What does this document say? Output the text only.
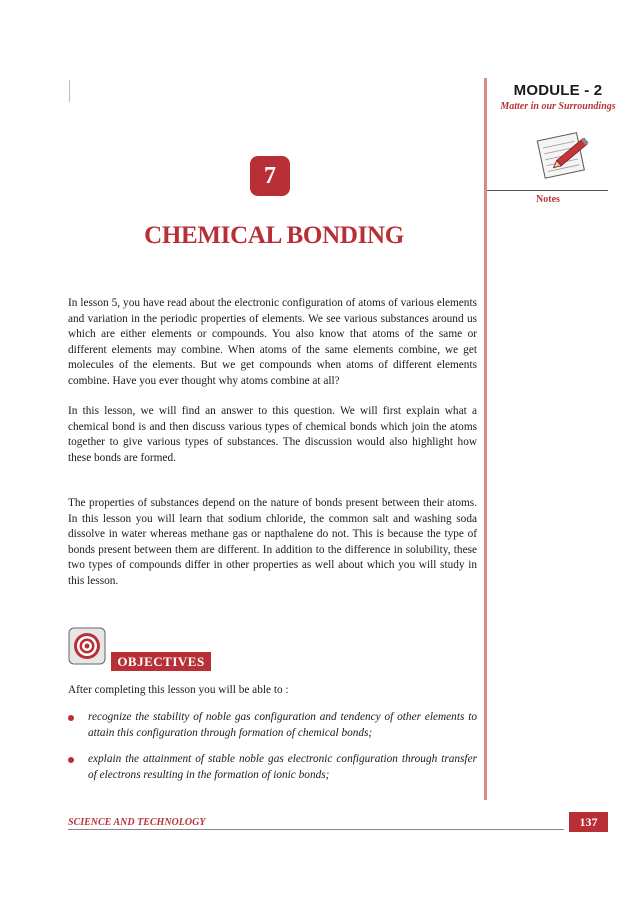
MODULE - 2
Matter in our Surroundings
Notes
7
CHEMICAL BONDING

In lesson 5, you have read about the electronic configuration of atoms of various elements and variation in the periodic properties of elements. We see various substances around us which are either elements or compounds. You also know that atoms of the same or different elements may combine. When atoms of the same elements combine, we get molecules of the elements. But we get compounds when atoms of different elements combine. Have you ever thought why atoms combine at all?

In this lesson, we will find an answer to this question. We will first explain what a chemical bond is and then discuss various types of chemical bonds which join the atoms together to give various types of substances. The discussion would also highlight how these bonds are formed.

The properties of substances depend on the nature of bonds present between their atoms. In this lesson you will learn that sodium chloride, the common salt and washing soda dissolve in water whereas methane gas or napthalene do not. This is because the type of bonds present between them are different. In addition to the difference in solubility, these two types of compounds differ in other properties as well about which you will study in this lesson.

OBJECTIVES
After completing this lesson you will be able to :
recognize the stability of noble gas configuration and tendency of other elements to attain this configuration through formation of chemical bonds;
explain the attainment of stable noble gas electronic configuration through transfer of electrons resulting in the formation of ionic bonds;
SCIENCE AND TECHNOLOGY	137
